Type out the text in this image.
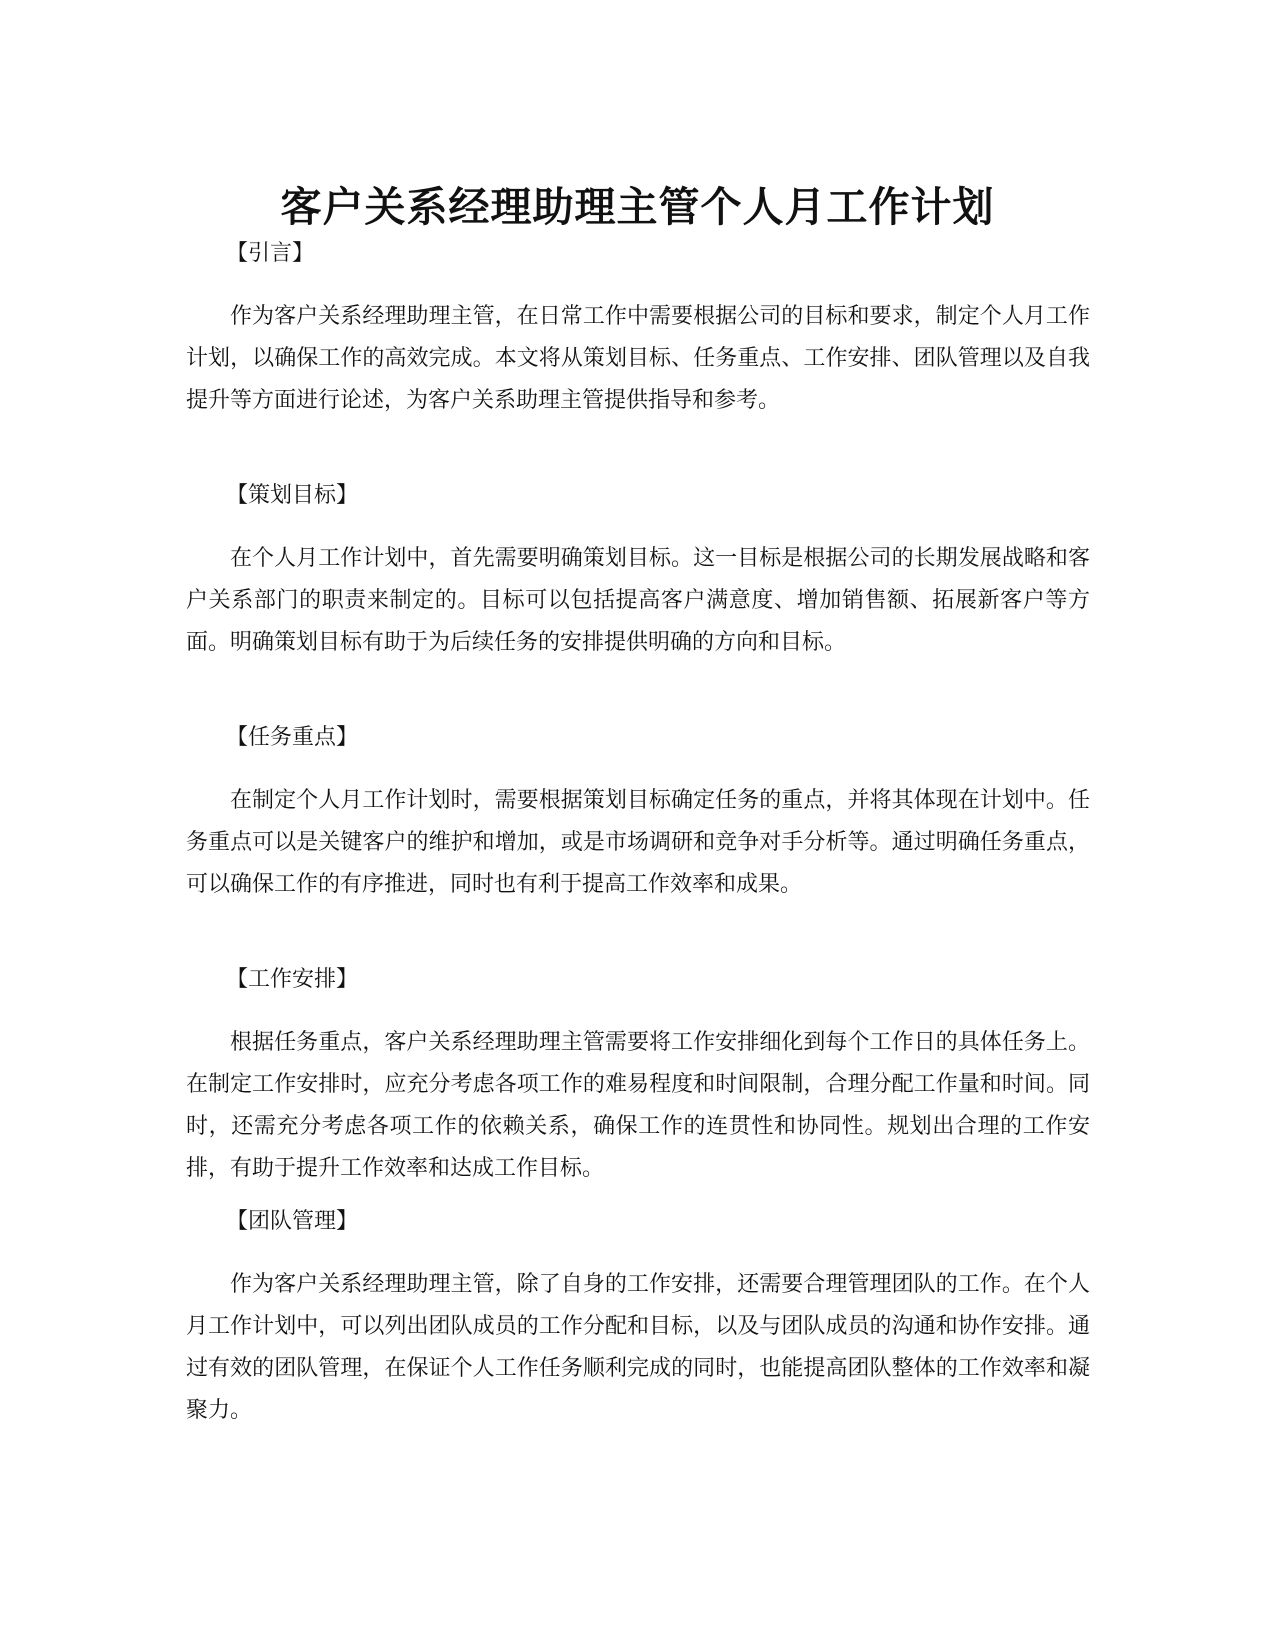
客户关系经理助理主管个人月工作计划

【引言】

作为客户关系经理助理主管，在日常工作中需要根据公司的目标和要求，制定个人月工作计划，以确保工作的高效完成。本文将从策划目标、任务重点、工作安排、团队管理以及自我提升等方面进行论述，为客户关系助理主管提供指导和参考。

【策划目标】

在个人月工作计划中，首先需要明确策划目标。这一目标是根据公司的长期发展战略和客户关系部门的职责来制定的。目标可以包括提高客户满意度、增加销售额、拓展新客户等方面。明确策划目标有助于为后续任务的安排提供明确的方向和目标。

【任务重点】

在制定个人月工作计划时，需要根据策划目标确定任务的重点，并将其体现在计划中。任务重点可以是关键客户的维护和增加，或是市场调研和竞争对手分析等。通过明确任务重点，可以确保工作的有序推进，同时也有利于提高工作效率和成果。

【工作安排】

根据任务重点，客户关系经理助理主管需要将工作安排细化到每个工作日的具体任务上。在制定工作安排时，应充分考虑各项工作的难易程度和时间限制，合理分配工作量和时间。同时，还需充分考虑各项工作的依赖关系，确保工作的连贯性和协同性。规划出合理的工作安排，有助于提升工作效率和达成工作目标。

【团队管理】

作为客户关系经理助理主管，除了自身的工作安排，还需要合理管理团队的工作。在个人月工作计划中，可以列出团队成员的工作分配和目标，以及与团队成员的沟通和协作安排。通过有效的团队管理，在保证个人工作任务顺利完成的同时，也能提高团队整体的工作效率和凝聚力。
